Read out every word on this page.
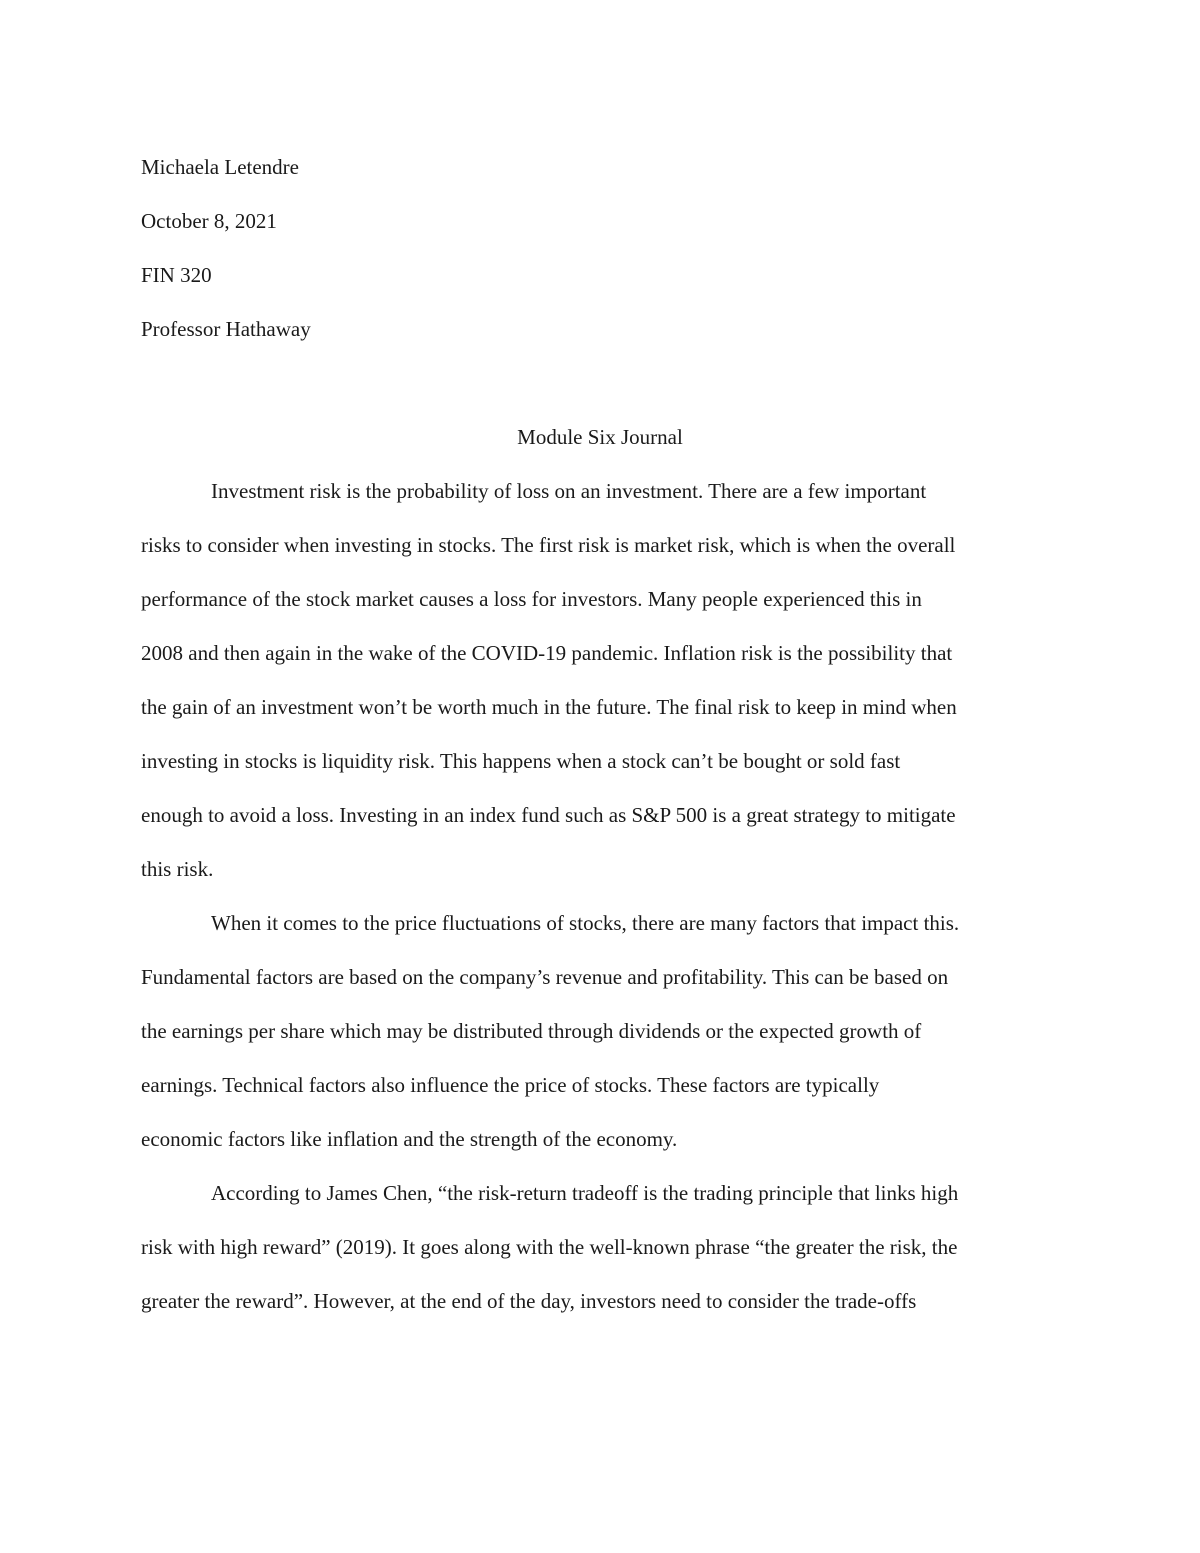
Michaela Letendre

October 8, 2021

FIN 320

Professor Hathaway

Module Six Journal

Investment risk is the probability of loss on an investment. There are a few important
risks to consider when investing in stocks. The first risk is market risk, which is when the overall
performance of the stock market causes a loss for investors. Many people experienced this in
2008 and then again in the wake of the COVID-19 pandemic. Inflation risk is the possibility that
the gain of an investment won’t be worth much in the future. The final risk to keep in mind when
investing in stocks is liquidity risk. This happens when a stock can’t be bought or sold fast
enough to avoid a loss. Investing in an index fund such as S&P 500 is a great strategy to mitigate
this risk.
When it comes to the price fluctuations of stocks, there are many factors that impact this.
Fundamental factors are based on the company’s revenue and profitability. This can be based on
the earnings per share which may be distributed through dividends or the expected growth of
earnings. Technical factors also influence the price of stocks. These factors are typically
economic factors like inflation and the strength of the economy.
According to James Chen, “the risk-return tradeoff is the trading principle that links high
risk with high reward” (2019). It goes along with the well-known phrase “the greater the risk, the
greater the reward”. However, at the end of the day, investors need to consider the trade-offs
